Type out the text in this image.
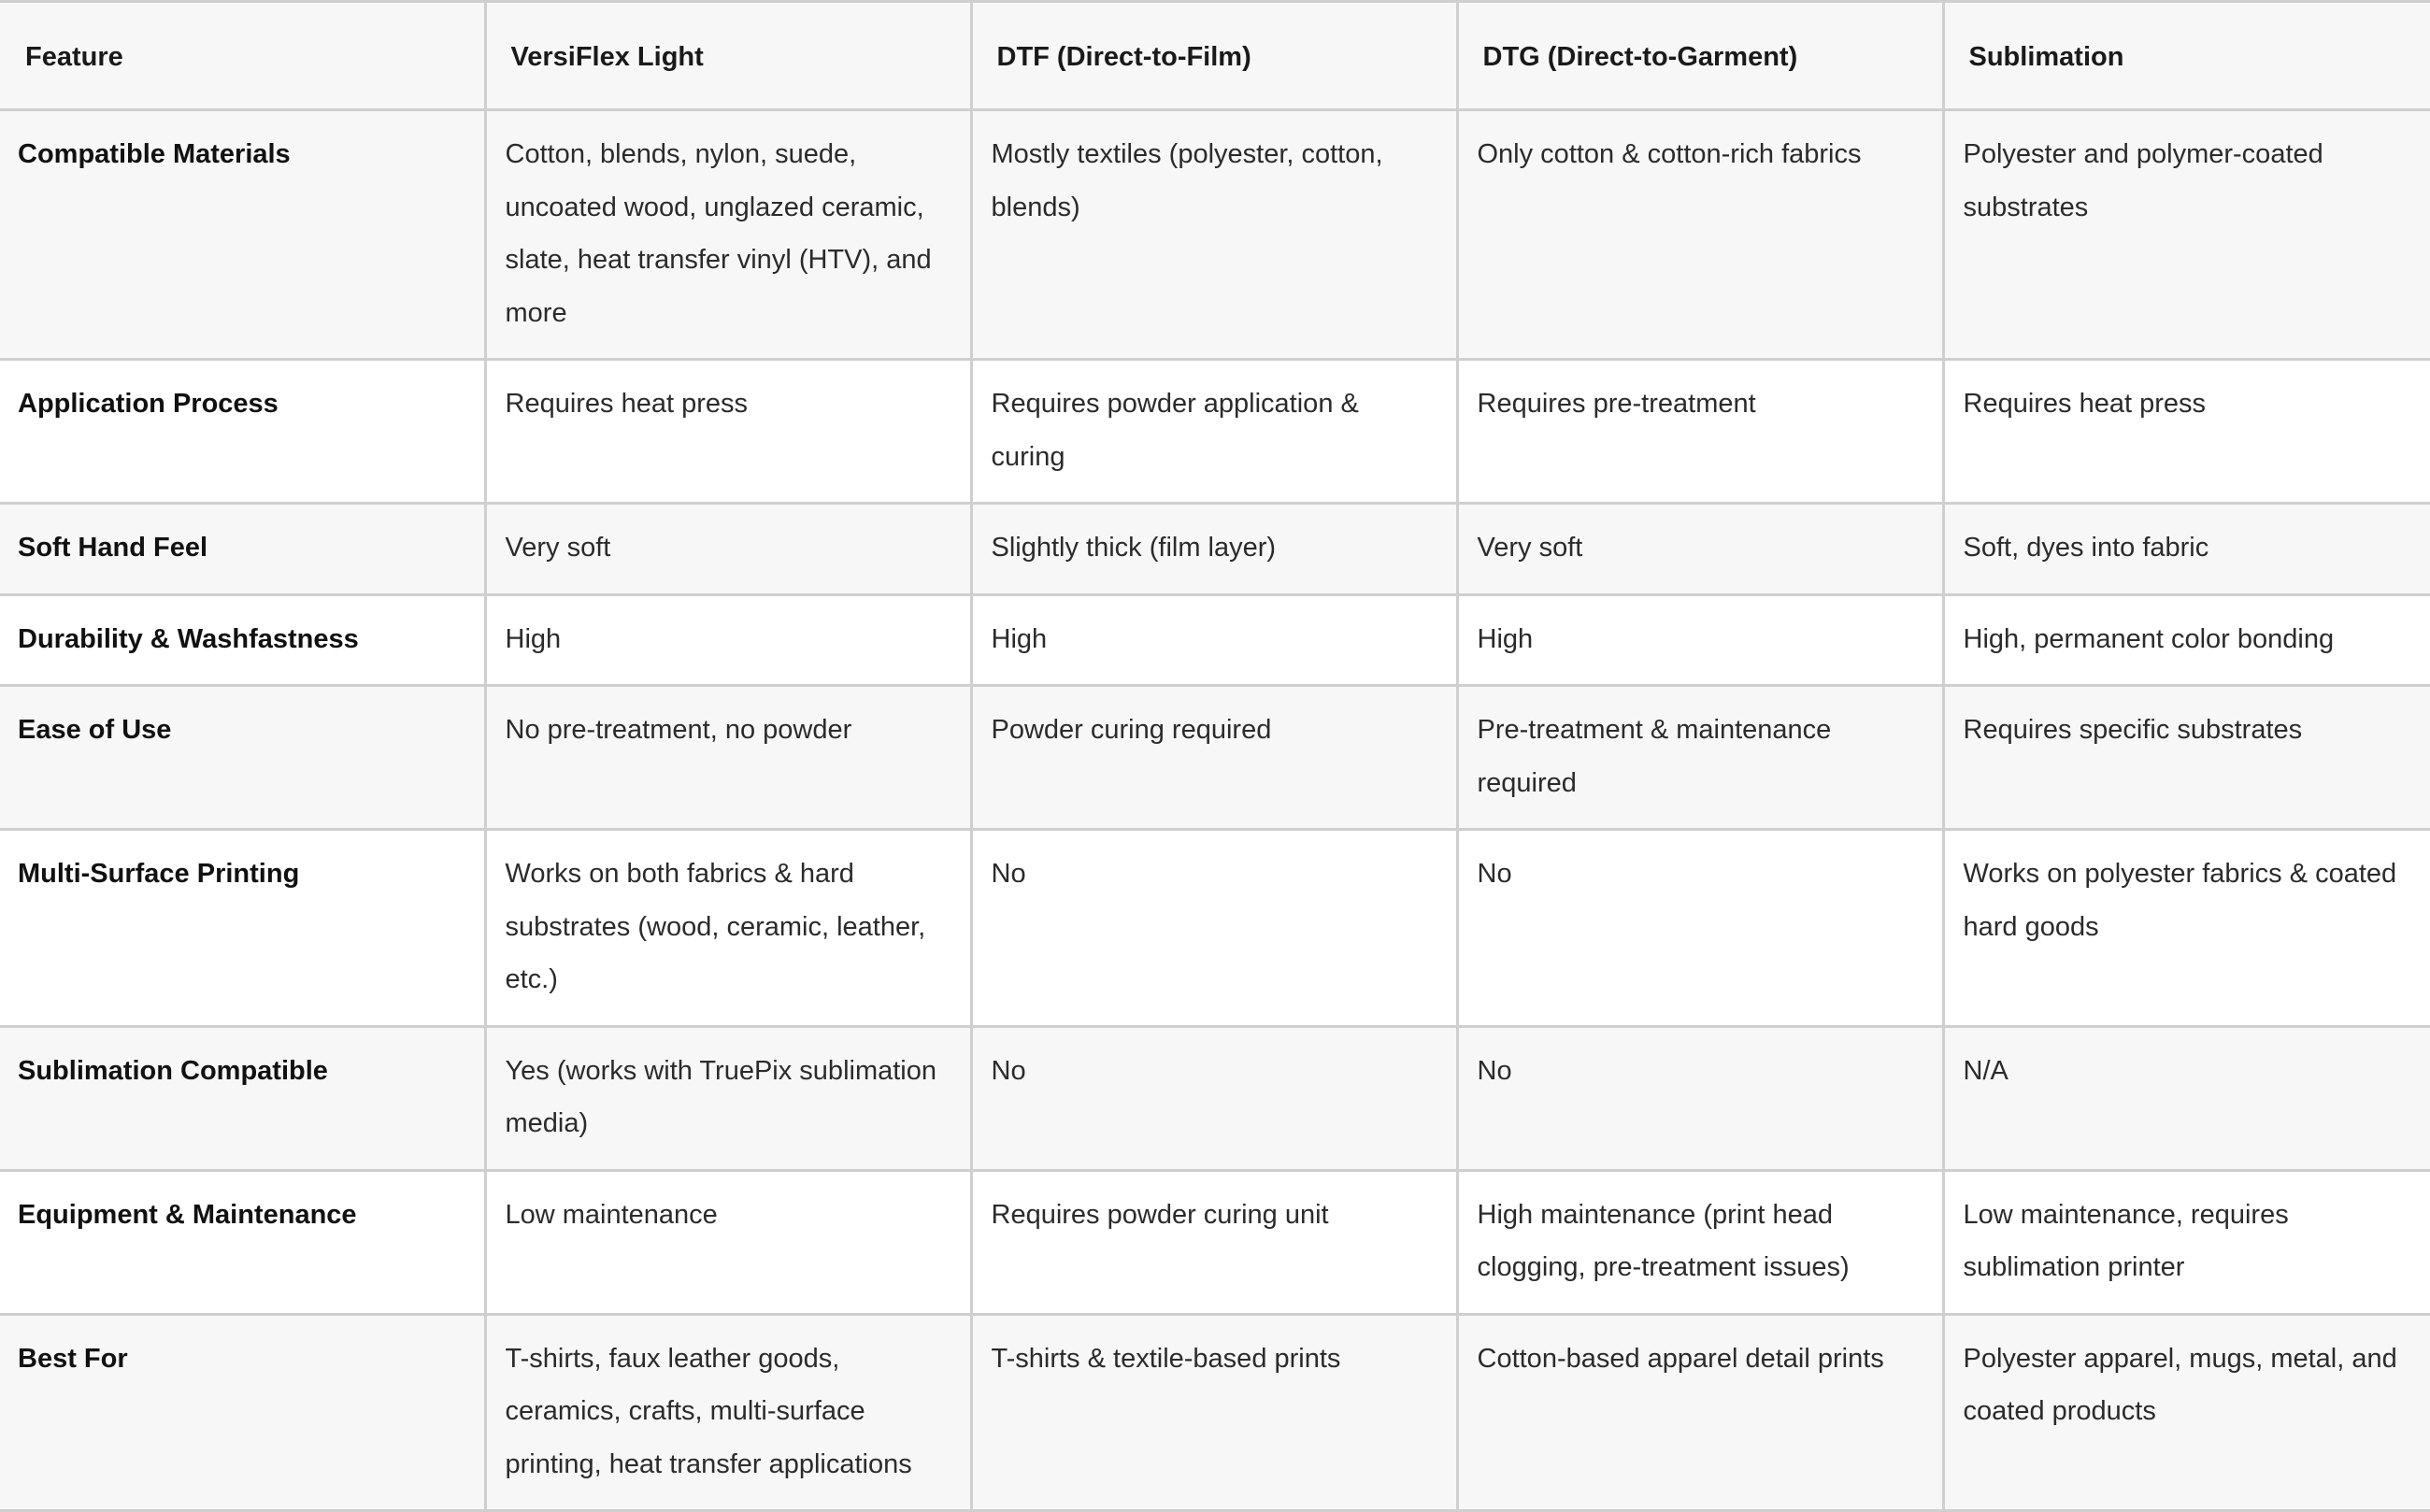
Feature	VersiFlex Light	DTF (Direct-to-Film)	DTG (Direct-to-Garment)	Sublimation

Compatible Materials	Cotton, blends, nylon, suede, uncoated wood, unglazed ceramic, slate, heat transfer vinyl (HTV), and more	Mostly textiles (polyester, cotton, blends)	Only cotton & cotton-rich fabrics	Polyester and polymer-coated substrates

Application Process	Requires heat press	Requires powder application & curing	Requires pre-treatment	Requires heat press

Soft Hand Feel	Very soft	Slightly thick (film layer)	Very soft	Soft, dyes into fabric

Durability & Washfastness	High	High	High	High, permanent color bonding

Ease of Use	No pre-treatment, no powder	Powder curing required	Pre-treatment & maintenance required	Requires specific substrates

Multi-Surface Printing	Works on both fabrics & hard substrates (wood, ceramic, leather, etc.)	No	No	Works on polyester fabrics & coated hard goods

Sublimation Compatible	Yes (works with TruePix sublimation media)	No	No	N/A

Equipment & Maintenance	Low maintenance	Requires powder curing unit	High maintenance (print head clogging, pre-treatment issues)	Low maintenance, requires sublimation printer

Best For	T-shirts, faux leather goods, ceramics, crafts, multi-surface printing, heat transfer applications	T-shirts & textile-based prints	Cotton-based apparel detail prints	Polyester apparel, mugs, metal, and coated products
